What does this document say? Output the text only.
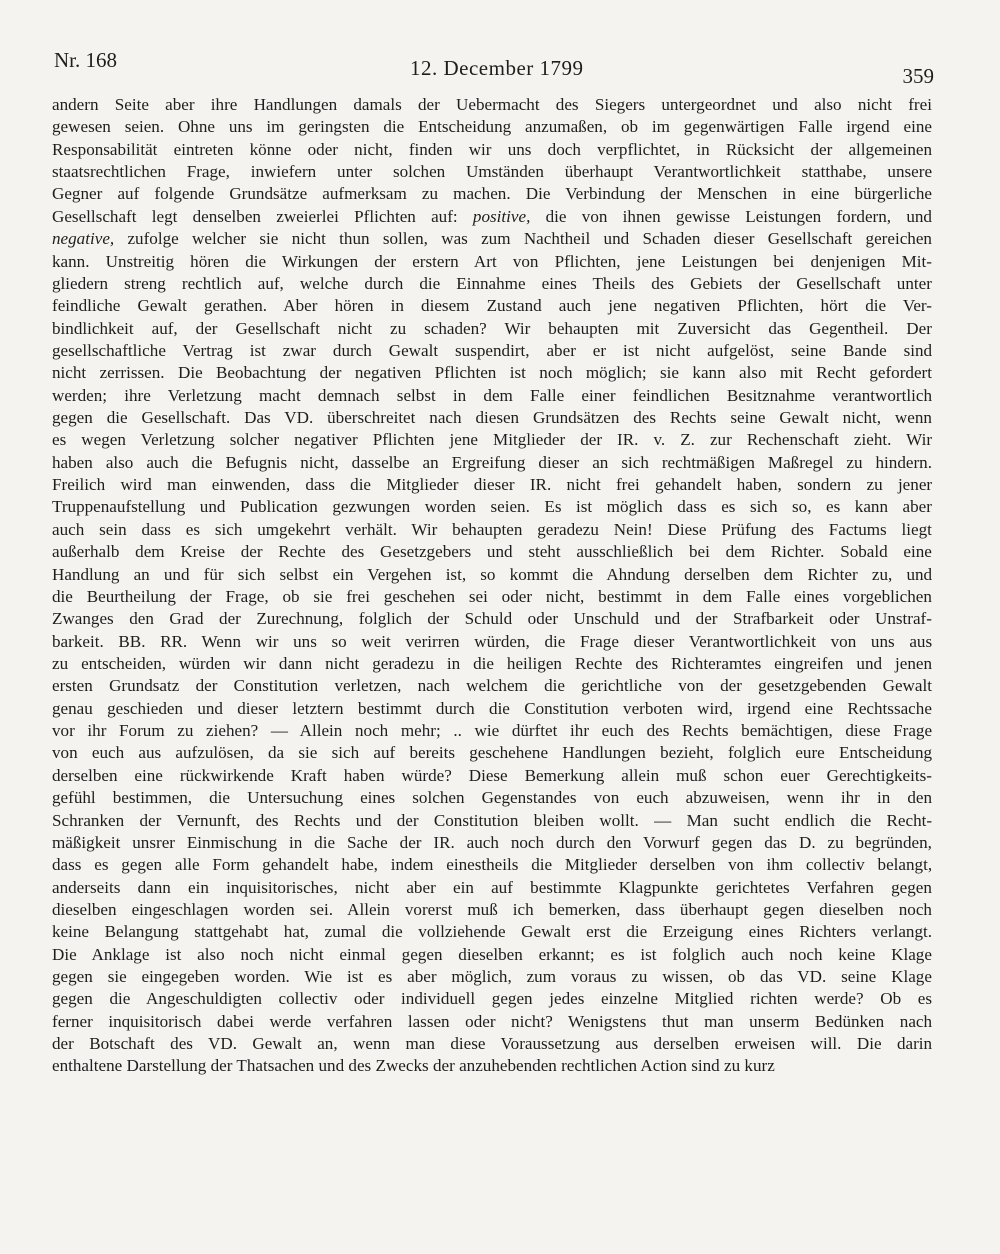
Nr. 168	12. December 1799	359
andern Seite aber ihre Handlungen damals der Uebermacht des Siegers untergeordnet und also nicht frei
gewesen seien. Ohne uns im geringsten die Entscheidung anzumaßen, ob im gegenwärtigen Falle irgend eine
Responsabilität eintreten könne oder nicht, finden wir uns doch verpflichtet, in Rücksicht der allgemeinen
staatsrechtlichen Frage, inwiefern unter solchen Umständen überhaupt Verantwortlichkeit statthabe, unsere
Gegner auf folgende Grundsätze aufmerksam zu machen. Die Verbindung der Menschen in eine bürgerliche
Gesellschaft legt denselben zweierlei Pflichten auf: positive, die von ihnen gewisse Leistungen fordern, und
negative, zufolge welcher sie nicht thun sollen, was zum Nachtheil und Schaden dieser Gesellschaft gereichen
kann. Unstreitig hören die Wirkungen der erstern Art von Pflichten, jene Leistungen bei denjenigen Mit-
gliedern streng rechtlich auf, welche durch die Einnahme eines Theils des Gebiets der Gesellschaft unter
feindliche Gewalt gerathen. Aber hören in diesem Zustand auch jene negativen Pflichten, hört die Ver-
bindlichkeit auf, der Gesellschaft nicht zu schaden? Wir behaupten mit Zuversicht das Gegentheil. Der
gesellschaftliche Vertrag ist zwar durch Gewalt suspendirt, aber er ist nicht aufgelöst, seine Bande sind
nicht zerrissen. Die Beobachtung der negativen Pflichten ist noch möglich; sie kann also mit Recht gefordert
werden; ihre Verletzung macht demnach selbst in dem Falle einer feindlichen Besitznahme verantwortlich
gegen die Gesellschaft. Das VD. überschreitet nach diesen Grundsätzen des Rechts seine Gewalt nicht, wenn
es wegen Verletzung solcher negativer Pflichten jene Mitglieder der IR. v. Z. zur Rechenschaft zieht. Wir
haben also auch die Befugnis nicht, dasselbe an Ergreifung dieser an sich rechtmäßigen Maßregel zu hindern.
Freilich wird man einwenden, dass die Mitglieder dieser IR. nicht frei gehandelt haben, sondern zu jener
Truppenaufstellung und Publication gezwungen worden seien. Es ist möglich dass es sich so, es kann aber
auch sein dass es sich umgekehrt verhält. Wir behaupten geradezu Nein! Diese Prüfung des Factums liegt
außerhalb dem Kreise der Rechte des Gesetzgebers und steht ausschließlich bei dem Richter. Sobald eine
Handlung an und für sich selbst ein Vergehen ist, so kommt die Ahndung derselben dem Richter zu, und
die Beurtheilung der Frage, ob sie frei geschehen sei oder nicht, bestimmt in dem Falle eines vorgeblichen
Zwanges den Grad der Zurechnung, folglich der Schuld oder Unschuld und der Strafbarkeit oder Unstraf-
barkeit. BB. RR. Wenn wir uns so weit verirren würden, die Frage dieser Verantwortlichkeit von uns aus
zu entscheiden, würden wir dann nicht geradezu in die heiligen Rechte des Richteramtes eingreifen und jenen
ersten Grundsatz der Constitution verletzen, nach welchem die gerichtliche von der gesetzgebenden Gewalt
genau geschieden und dieser letztern bestimmt durch die Constitution verboten wird, irgend eine Rechtssache
vor ihr Forum zu ziehen? — Allein noch mehr; .. wie dürftet ihr euch des Rechts bemächtigen, diese Frage
von euch aus aufzulösen, da sie sich auf bereits geschehene Handlungen bezieht, folglich eure Entscheidung
derselben eine rückwirkende Kraft haben würde? Diese Bemerkung allein muß schon euer Gerechtigkeits-
gefühl bestimmen, die Untersuchung eines solchen Gegenstandes von euch abzuweisen, wenn ihr in den
Schranken der Vernunft, des Rechts und der Constitution bleiben wollt. — Man sucht endlich die Recht-
mäßigkeit unsrer Einmischung in die Sache der IR. auch noch durch den Vorwurf gegen das D. zu begründen,
dass es gegen alle Form gehandelt habe, indem einestheils die Mitglieder derselben von ihm collectiv belangt,
anderseits dann ein inquisitorisches, nicht aber ein auf bestimmte Klagpunkte gerichtetes Verfahren gegen
dieselben eingeschlagen worden sei. Allein vorerst muß ich bemerken, dass überhaupt gegen dieselben noch
keine Belangung stattgehabt hat, zumal die vollziehende Gewalt erst die Erzeigung eines Richters verlangt.
Die Anklage ist also noch nicht einmal gegen dieselben erkannt; es ist folglich auch noch keine Klage
gegen sie eingegeben worden. Wie ist es aber möglich, zum voraus zu wissen, ob das VD. seine Klage
gegen die Angeschuldigten collectiv oder individuell gegen jedes einzelne Mitglied richten werde? Ob es
ferner inquisitorisch dabei werde verfahren lassen oder nicht? Wenigstens thut man unserm Bedünken nach
der Botschaft des VD. Gewalt an, wenn man diese Voraussetzung aus derselben erweisen will. Die darin
enthaltene Darstellung der Thatsachen und des Zwecks der anzuhebenden rechtlichen Action sind zu kurz
